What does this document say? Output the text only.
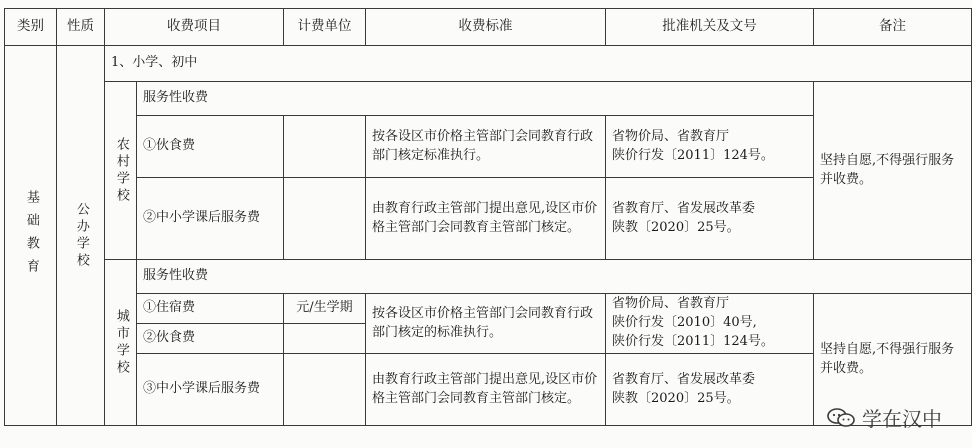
类别	性质	收费项目		计费单位	收费标准	批准机关及文号	备注
基础教育	公办学校	1、小学、初中					
		农村学校	服务性收费				坚持自愿,不得强行服务并收费。
			①伙食费		按各设区市价格主管部门会同教育行政部门核定标准执行。	省物价局、省教育厅
陕价行发〔2011〕124号。	

			②中小学课后服务费		由教育行政主管部门提出意见,设区市价格主管部门会同教育主管部门核定。	省教育厅、省发展改革委
陕教〔2020〕25号。	

		城市学校	服务性收费				
			①住宿费	元/生学期	按各设区市价格主管部门会同教育行政部门核定的标准执行。	省物价局、省教育厅
陕价行发〔2010〕40号,
陕价行发〔2011〕124号。	坚持自愿,不得强行服务并收费。
			②伙食费				
			③中小学课后服务费		由教育行政主管部门提出意见,设区市价格主管部门会同教育主管部门核定。	省教育厅、省发展改革委
陕教〔2020〕25号。	
学在汉中
